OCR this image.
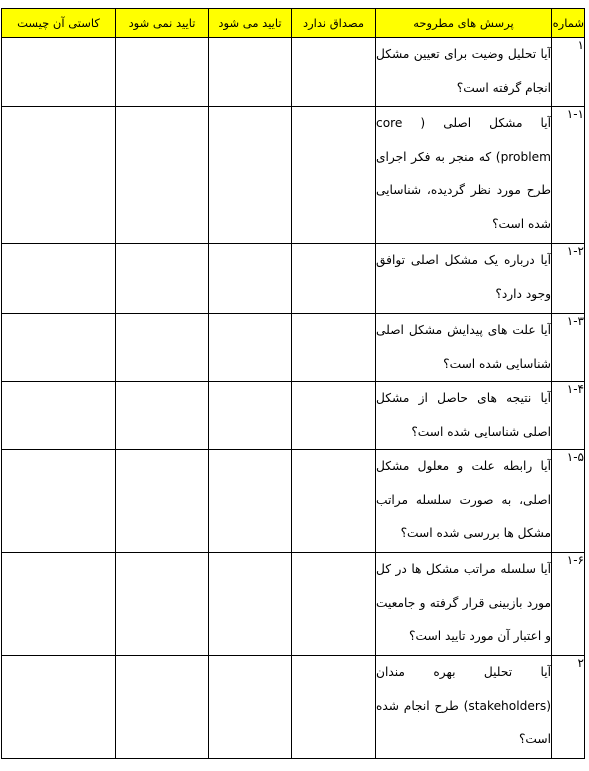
شماره	پرسش های مطروحه	مصداق ندارد	تایید می شود	تایید نمی شود	کاستی آن چیست
۱	آیا تحلیل وضیت برای تعیین مشکل انجام گرفته است؟				
۱-۱	آیا مشکل اصلی ( core problem) که منجر به فکر اجرای طرح مورد نظر گردیده، شناسایی شده است؟				
۱-۲	آیا درباره یک مشکل اصلی توافق وجود دارد؟				
۱-۳	آیا علت های پیدایش مشکل اصلی شناسایی شده است؟				
۱-۴	آیا نتیجه های حاصل از مشکل اصلی شناسایی شده است؟				
۱-۵	آیا رابطه علت و معلول مشکل اصلی، به صورت سلسله مراتب مشکل ها بررسی شده است؟				
۱-۶	آیا سلسله مراتب مشکل ها در کل مورد بازبینی قرار گرفته و جامعیت و اعتبار آن مورد تایید است؟				
۲	آیا تحلیل بهره مندان (stakeholders) طرح انجام شده است؟				
